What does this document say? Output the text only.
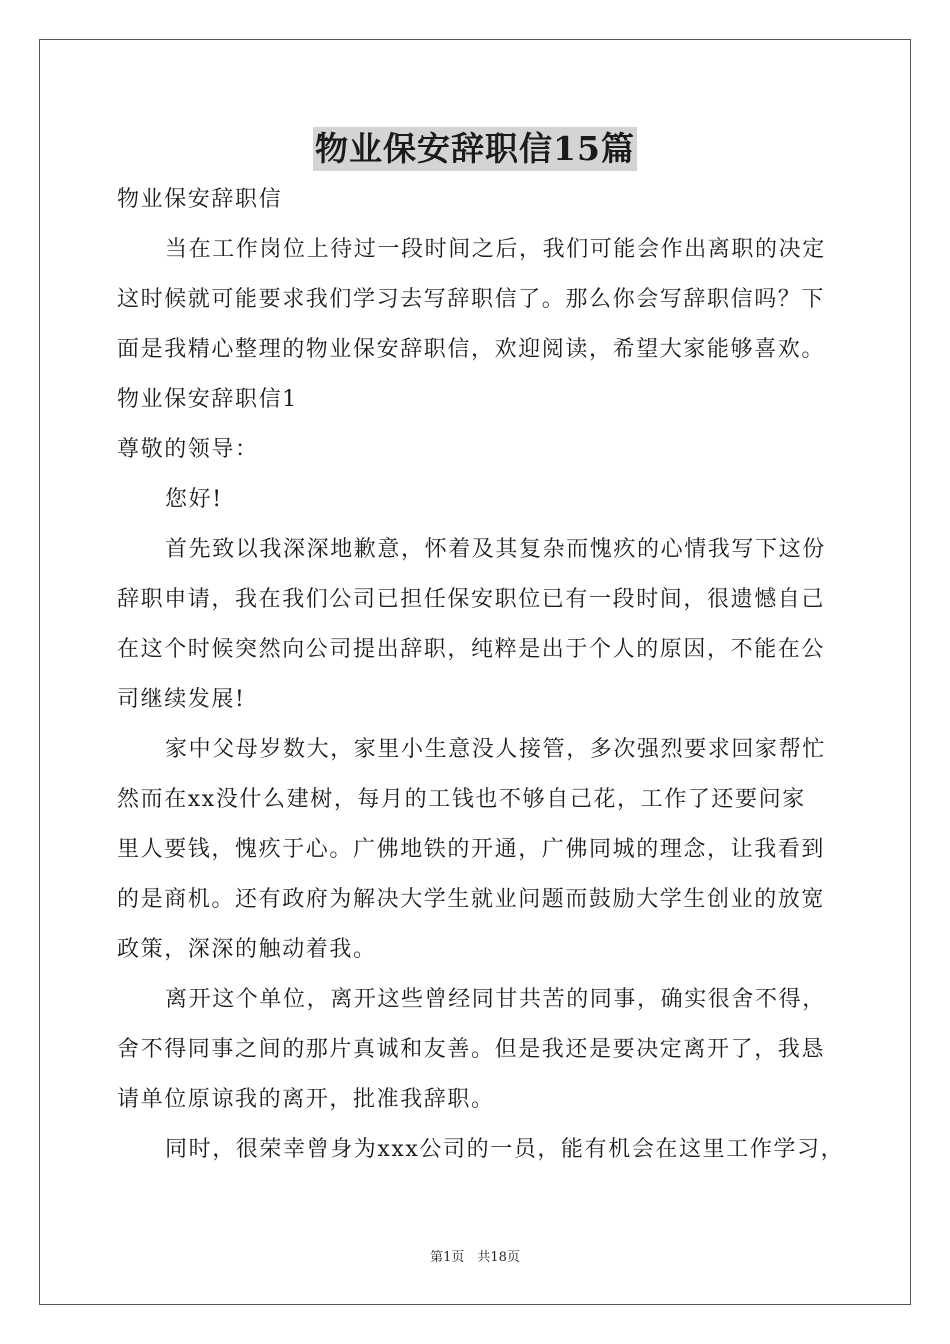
物业保安辞职信15篇
物业保安辞职信
当在工作岗位上待过一段时间之后，我们可能会作出离职的决定
这时候就可能要求我们学习去写辞职信了。那么你会写辞职信吗？下
面是我精心整理的物业保安辞职信，欢迎阅读，希望大家能够喜欢。
物业保安辞职信1
尊敬的领导：
您好!
首先致以我深深地歉意，怀着及其复杂而愧疚的心情我写下这份
辞职申请，我在我们公司已担任保安职位已有一段时间，很遗憾自己
在这个时候突然向公司提出辞职，纯粹是出于个人的原因，不能在公
司继续发展!
家中父母岁数大，家里小生意没人接管，多次强烈要求回家帮忙
然而在xx没什么建树，每月的工钱也不够自己花，工作了还要问家
里人要钱，愧疚于心。广佛地铁的开通，广佛同城的理念，让我看到
的是商机。还有政府为解决大学生就业问题而鼓励大学生创业的放宽
政策，深深的触动着我。
离开这个单位，离开这些曾经同甘共苦的同事，确实很舍不得，
舍不得同事之间的那片真诚和友善。但是我还是要决定离开了，我恳
请单位原谅我的离开，批准我辞职。
同时，很荣幸曾身为xxx公司的一员，能有机会在这里工作学习，
第1页　共18页
